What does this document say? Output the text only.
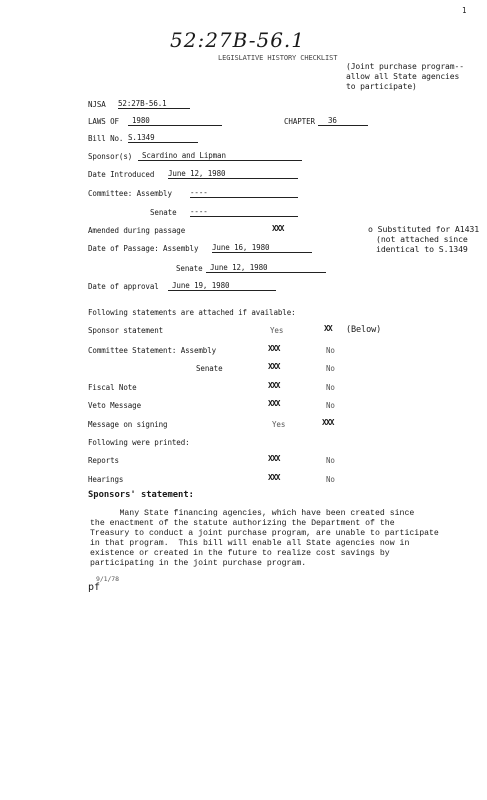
1
52:27B-56.1
LEGISLATIVE HISTORY CHECKLIST
(Joint purchase program--
allow all State agencies
to participate)
NJSA 52:27B-56.1
LAWS OF	1980	CHAPTER	36
Bill No. S.1349
Sponsor(s)	Scardino and Lipman
Date Introduced June 12, 1980
Committee: Assembly ----
Senate ----
Amended during passage	XXX	o Substituted for A1431
(not attached since
identical to S.1349
Date of Passage: Assembly June 16, 1980
Senate	June 12, 1980
Date of approval	June 19, 1980
Following statements are attached if available:
Sponsor statement	Yes	XX (Below)
Committee Statement: Assembly	XXX	No
Senate	XXX	No
Fiscal Note	XXX	No
Veto Message	XXX	No
Message on signing	Yes	XXX
Following were printed:
Reports	XXX	No
Hearings	XXX	No
Sponsors' statement:
Many State financing agencies, which have been created since
the enactment of the statute authorizing the Department of the
Treasury to conduct a joint purchase program, are unable to participate
in that program.  This bill will enable all State agencies now in
existence or created in the future to realize cost savings by
participating in the joint purchase program.
9/1/78
pf
